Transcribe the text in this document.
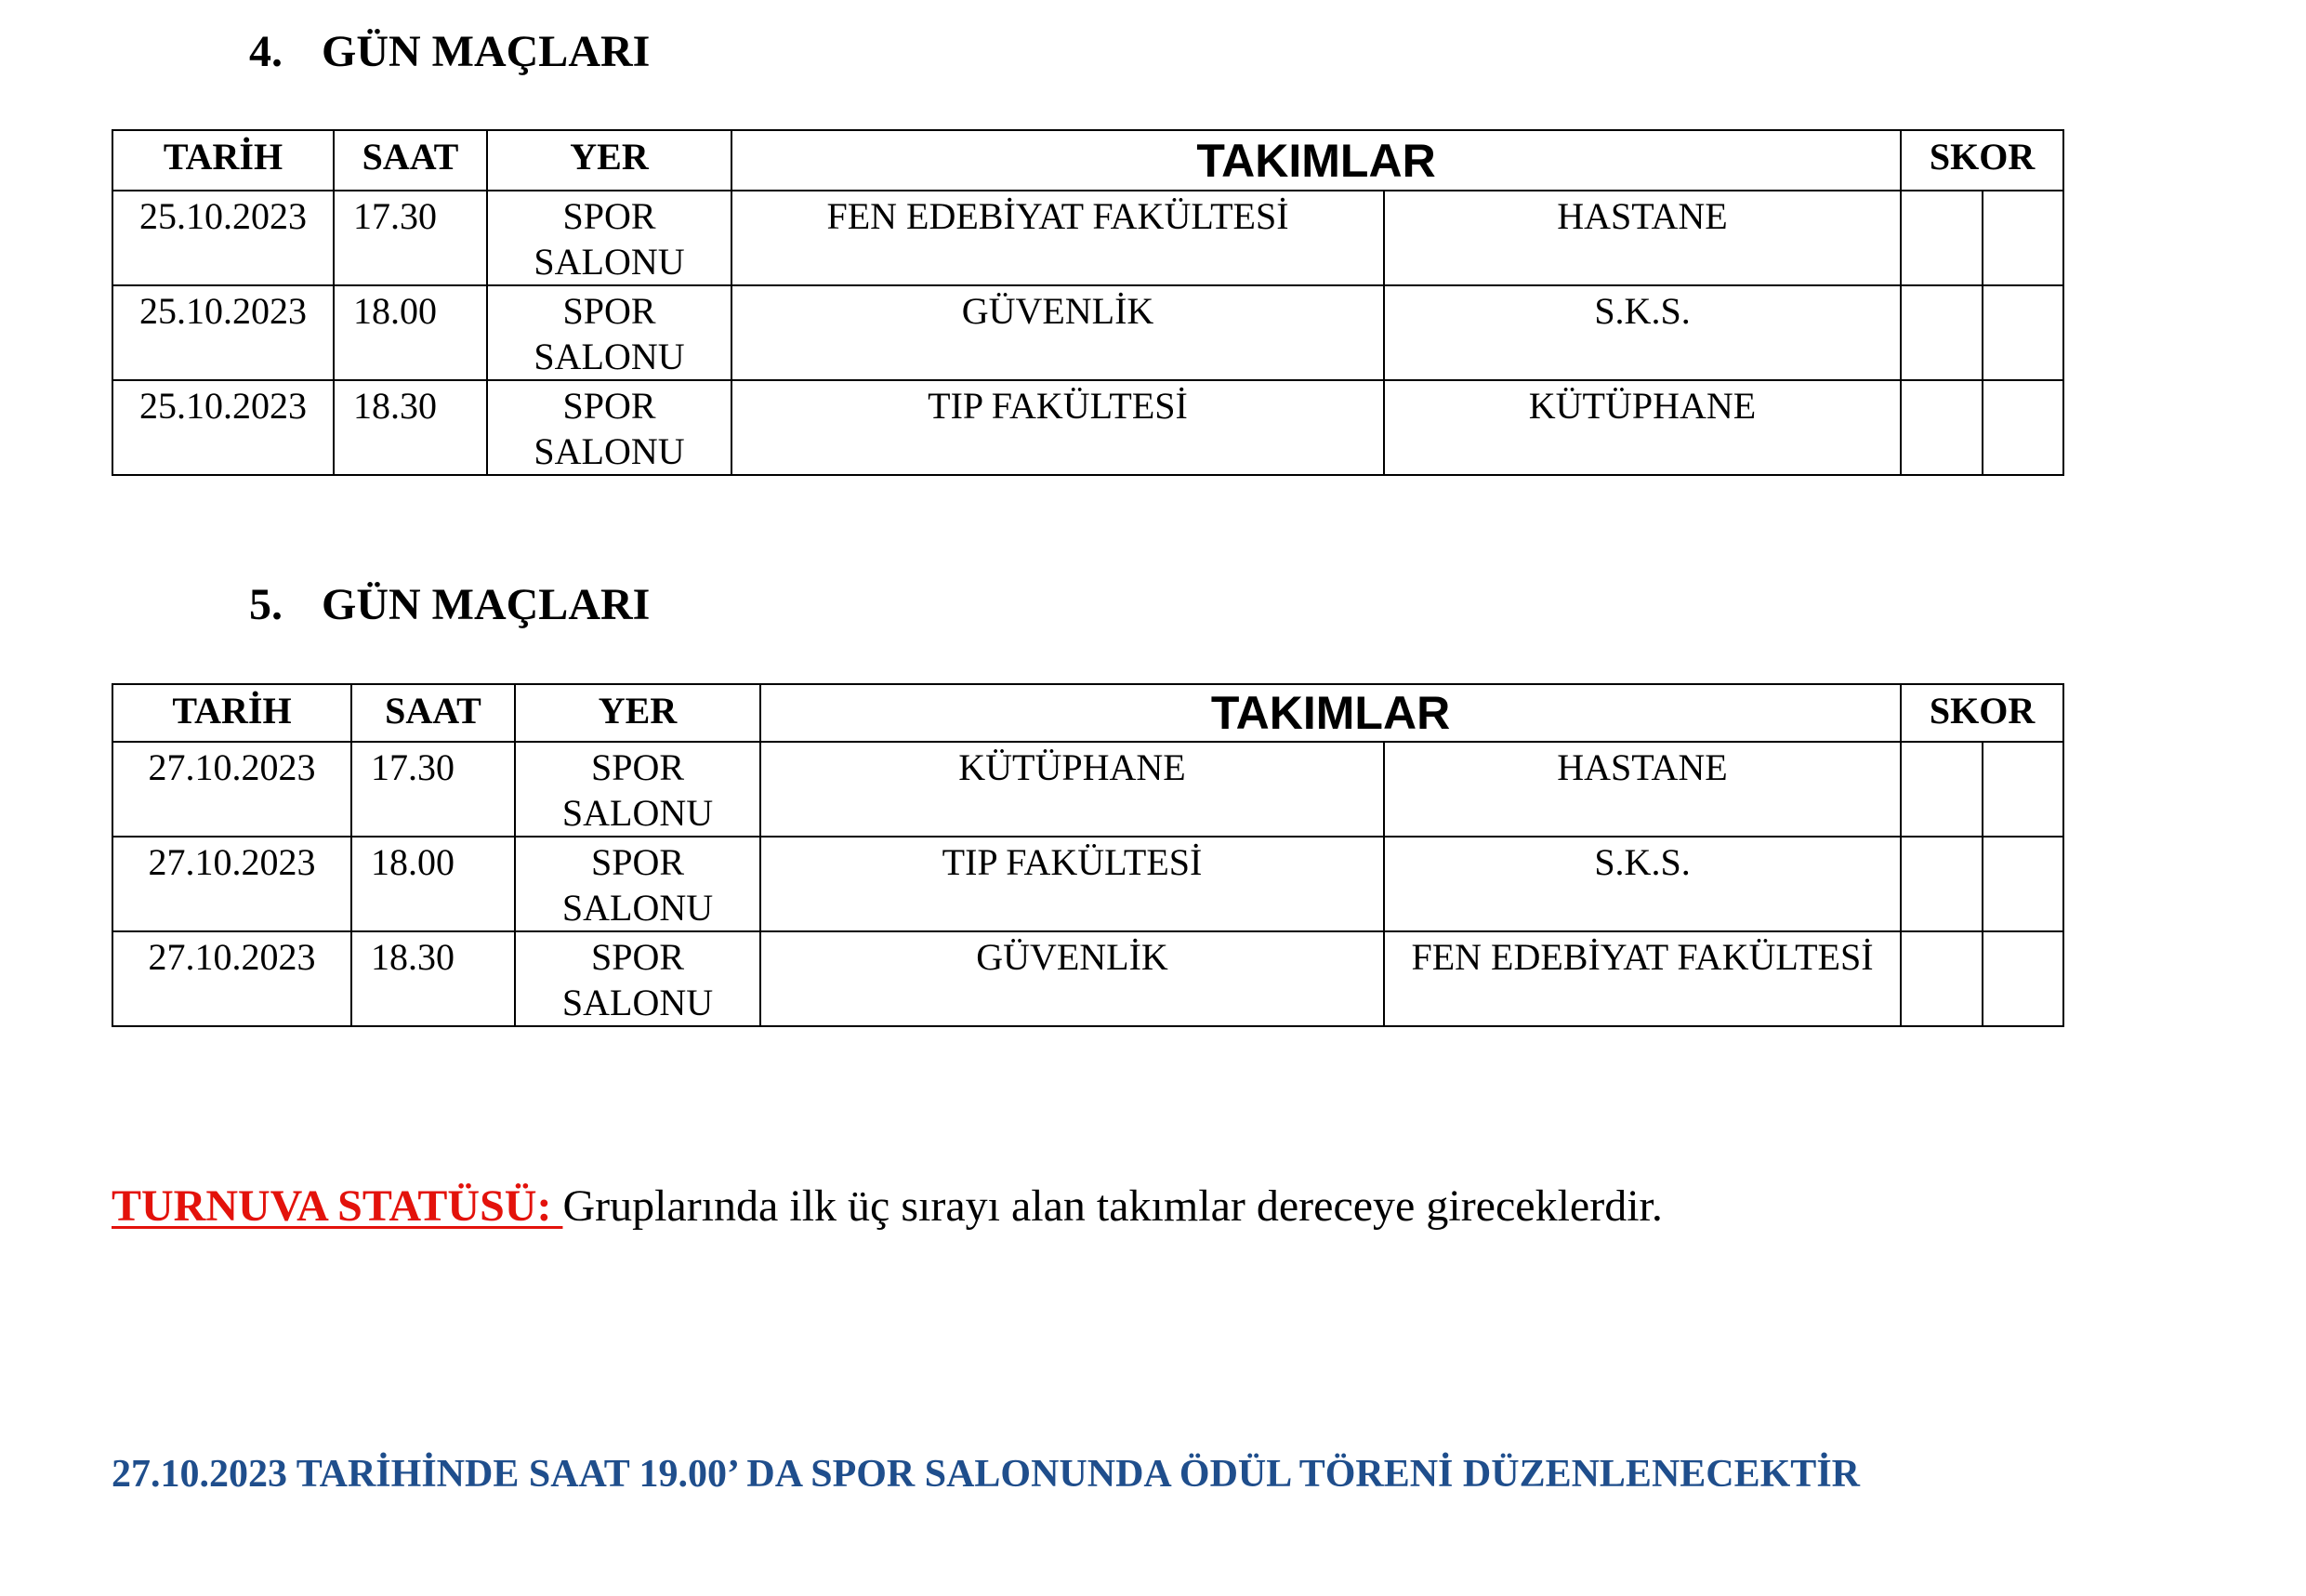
4. GÜN MAÇLARI
TARİH	SAAT	YER	TAKIMLAR		SKOR	
25.10.2023	17.30	SPOR SALONU	FEN EDEBİYAT FAKÜLTESİ	HASTANE		
25.10.2023	18.00	SPOR SALONU	GÜVENLİK	S.K.S.		
25.10.2023	18.30	SPOR SALONU	TIP FAKÜLTESİ	KÜTÜPHANE		
5. GÜN MAÇLARI
TARİH	SAAT	YER	TAKIMLAR		SKOR	
27.10.2023	17.30	SPOR SALONU	KÜTÜPHANE	HASTANE		
27.10.2023	18.00	SPOR SALONU	TIP FAKÜLTESİ	S.K.S.		
27.10.2023	18.30	SPOR SALONU	GÜVENLİK	FEN EDEBİYAT FAKÜLTESİ		
TURNUVA STATÜSÜ: Gruplarında ilk üç sırayı alan takımlar dereceye gireceklerdir.
27.10.2023 TARİHİNDE SAAT 19.00’ DA SPOR SALONUNDA ÖDÜL TÖRENİ DÜZENLENECEKTİR
